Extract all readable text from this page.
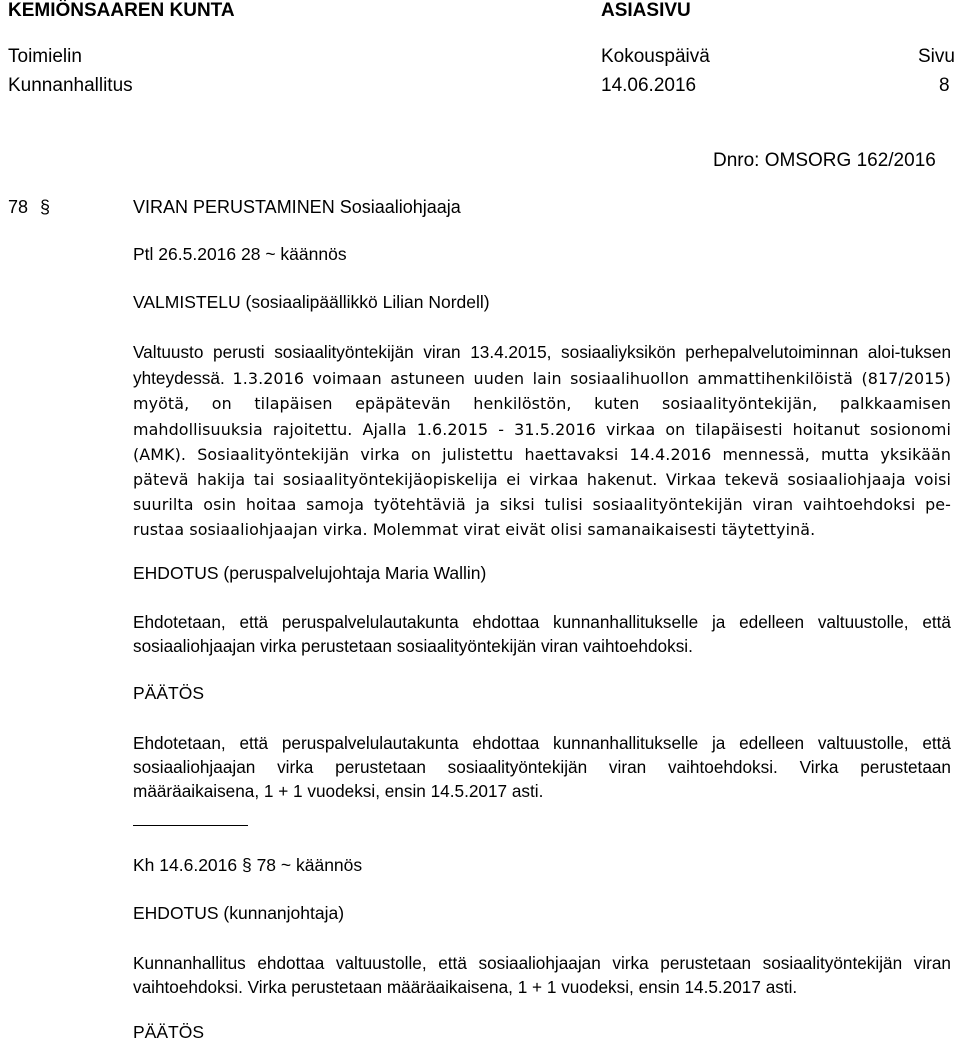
KEMIÖNSAAREN KUNTA	ASIASIVU
Toimielin	Kokouspäivä	Sivu
Kunnanhallitus	14.06.2016	8
Dnro: OMSORG 162/2016
78 §	VIRAN PERUSTAMINEN Sosiaaliohjaaja
Ptl 26.5.2016 28 ~ käännös
VALMISTELU (sosiaalipäällikkö Lilian Nordell)
Valtuusto perusti sosiaalityöntekijän viran 13.4.2015, sosiaaliyksikön perhepalvelutoiminnan aloi-tuksen yhteydessä. 1.3.2016 voimaan astuneen uuden lain sosiaalihuollon ammattihenkilöistä (817/2015) myötä, on tilapäisen epäpätevän henkilöstön, kuten sosiaalityöntekijän, palkkaamisen mahdollisuuksia rajoitettu. Ajalla 1.6.2015 - 31.5.2016 virkaa on tilapäisesti hoitanut sosionomi (AMK). Sosiaalityöntekijän virka on julistettu haettavaksi 14.4.2016 mennessä, mutta yksikään pätevä hakija tai sosiaalityöntekijäopiskelija ei virkaa hakenut. Virkaa tekevä sosiaaliohjaaja voisi suurilta osin hoitaa samoja työtehtäviä ja siksi tulisi sosiaalityöntekijän viran vaihtoehdoksi pe-rustaa sosiaaliohjaajan virka. Molemmat virat eivät olisi samanaikaisesti täytettyinä.
EHDOTUS (peruspalvelujohtaja Maria Wallin)
Ehdotetaan, että peruspalvelulautakunta ehdottaa kunnanhallitukselle ja edelleen valtuustolle, että sosiaaliohjaajan virka perustetaan sosiaalityöntekijän viran vaihtoehdoksi.
PÄÄTÖS
Ehdotetaan, että peruspalvelulautakunta ehdottaa kunnanhallitukselle ja edelleen valtuustolle, että sosiaaliohjaajan virka perustetaan sosiaalityöntekijän viran vaihtoehdoksi. Virka perustetaan määräaikaisena, 1 + 1 vuodeksi, ensin 14.5.2017 asti.
Kh 14.6.2016 § 78 ~ käännös
EHDOTUS (kunnanjohtaja)
Kunnanhallitus ehdottaa valtuustolle, että sosiaaliohjaajan virka perustetaan sosiaalityöntekijän viran vaihtoehdoksi. Virka perustetaan määräaikaisena, 1 + 1 vuodeksi, ensin 14.5.2017 asti.
PÄÄTÖS
